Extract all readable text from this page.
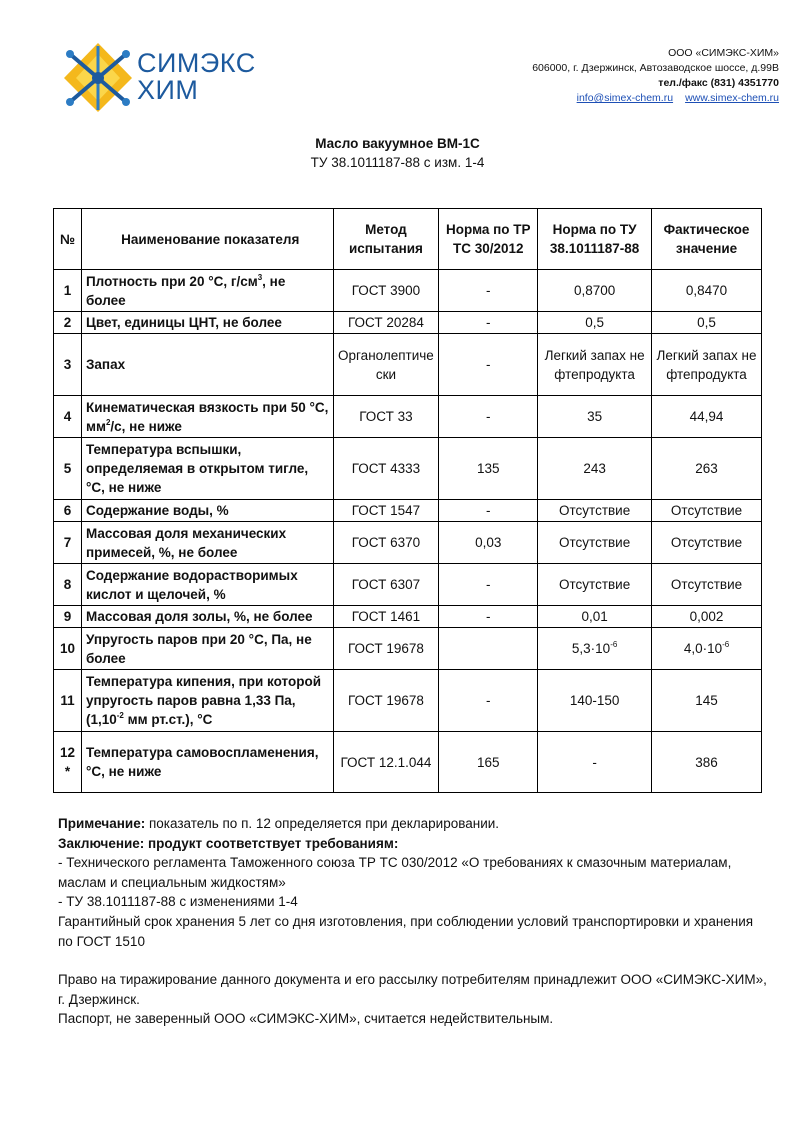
СИМЭКС
ХИМ
ООО «СИМЭКС-ХИМ»
606000, г. Дзержинск, Автозаводское шоссе, д.99В
тел./факс (831) 4351770
info@simex-chem.ru www.simex-chem.ru
Масло вакуумное ВМ-1С
ТУ 38.1011187-88 с изм. 1-4
№	Наименование показателя	Метод испытания	Норма по ТР ТС 30/2012	Норма по ТУ 38.1011187-88	Фактическое значение
1	Плотность при 20 °С, $г/см^3$, не более	ГОСТ 3900	-	0,8700	0,8470
2	Цвет, единицы ЦНТ, не более	ГОСТ 20284	-	0,5	0,5
3	Запах	Органолептически	-	Легкий запах нефтепродукта	Легкий запах нефтепродукта
4	Кинематическая вязкость при 50 °С, $мм^2/с$, не ниже	ГОСТ 33	-	35	44,94
5	Температура вспышки, определяемая в открытом тигле, °С, не ниже	ГОСТ 4333	135	243	263
6	Содержание воды, %	ГОСТ 1547	-	Отсутствие	Отсутствие
7	Массовая доля механических примесей, %, не более	ГОСТ 6370	0,03	Отсутствие	Отсутствие
8	Содержание водорастворимых кислот и щелочей, %	ГОСТ 6307	-	Отсутствие	Отсутствие
9	Массовая доля золы, %, не более	ГОСТ 1461	-	0,01	0,002
10	Упругость паров при 20 °С, Па, не более	ГОСТ 19678		$5,3\cdot 10^{-6}$	$4,0\cdot 10^{-6}$
11	Температура кипения, при которой упругость паров равна 1,33 Па, ($1,10^{-2}$ мм рт.ст.), °С	ГОСТ 19678	-	140-150	145
12*	Температура самовоспламенения, °С, не ниже	ГОСТ 12.1.044	165	-	386
Примечание: показатель по п. 12 определяется при декларировании.
Заключение: продукт соответствует требованиям:
- Технического регламента Таможенного союза ТР ТС 030/2012 «О требованиях к смазочным материалам, маслам и специальным жидкостям»
- ТУ 38.1011187-88 с изменениями 1-4
Гарантийный срок хранения 5 лет со дня изготовления, при соблюдении условий транспортировки и хранения по ГОСТ 1510
Право на тиражирование данного документа и его рассылку потребителям принадлежит ООО «СИМЭКС-ХИМ», г. Дзержинск.
Паспорт, не заверенный ООО «СИМЭКС-ХИМ», считается недействительным.
